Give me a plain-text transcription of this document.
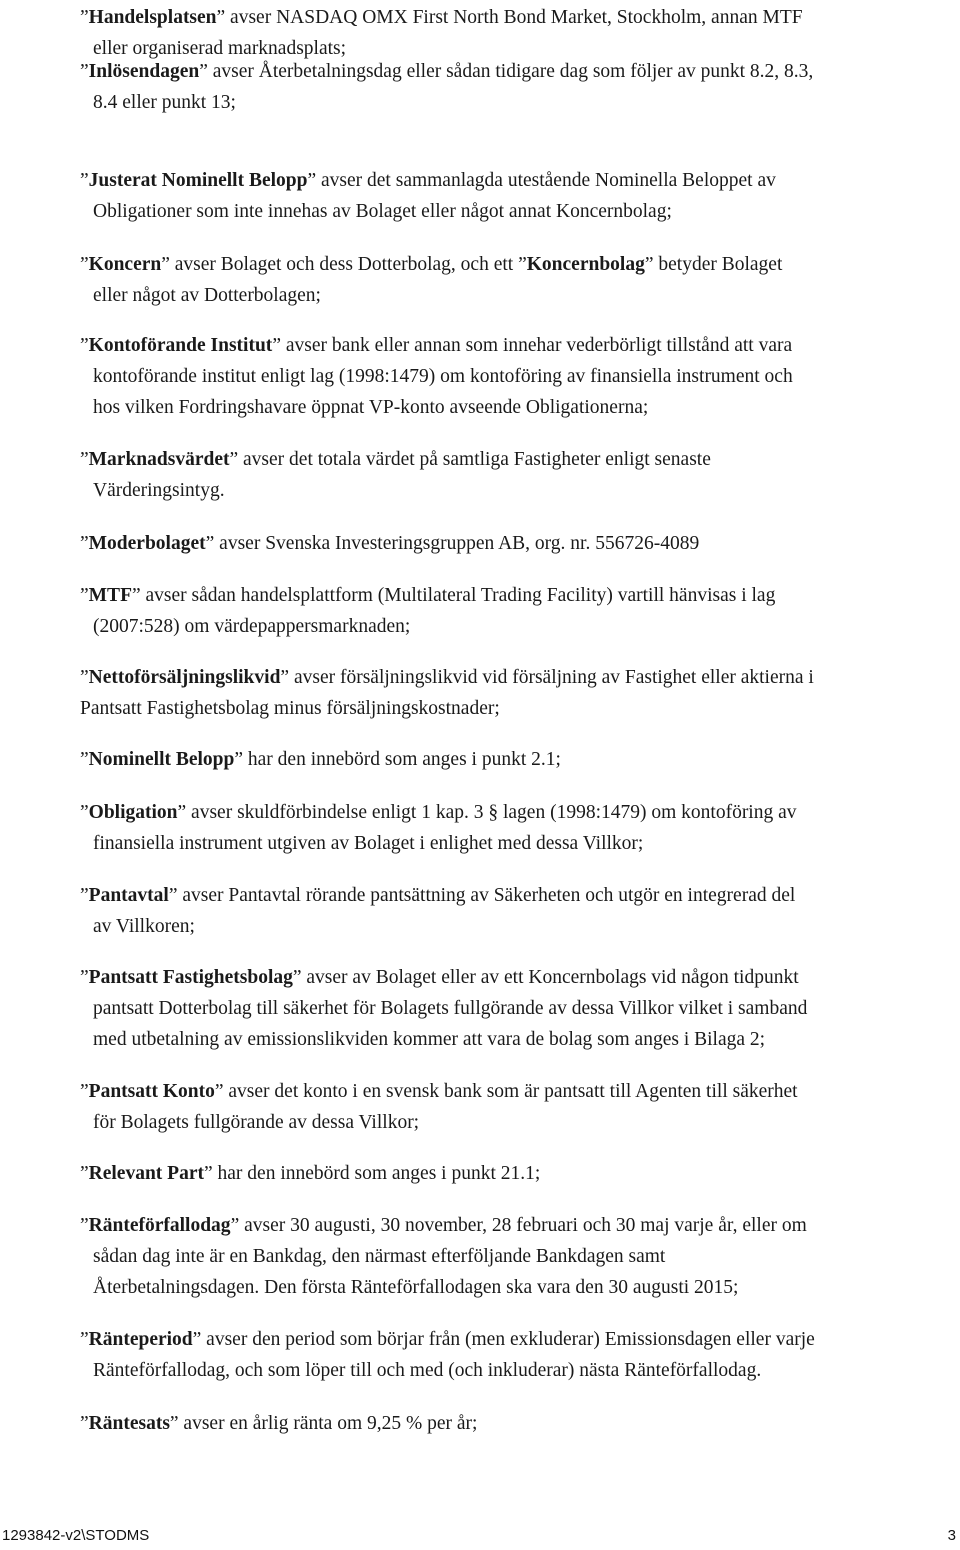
”Handelsplatsen” avser NASDAQ OMX First North Bond Market, Stockholm, annan MTF
eller organiserad marknadsplats;
”Inlösendagen” avser Återbetalningsdag eller sådan tidigare dag som följer av punkt 8.2, 8.3,
8.4 eller punkt 13;
”Justerat Nominellt Belopp” avser det sammanlagda utestående Nominella Beloppet av
Obligationer som inte innehas av Bolaget eller något annat Koncernbolag;
”Koncern” avser Bolaget och dess Dotterbolag, och ett ”Koncernbolag” betyder Bolaget
eller något av Dotterbolagen;
”Kontoförande Institut” avser bank eller annan som innehar vederbörligt tillstånd att vara
kontoförande institut enligt lag (1998:1479) om kontoföring av finansiella instrument och
hos vilken Fordringshavare öppnat VP-konto avseende Obligationerna;
”Marknadsvärdet” avser det totala värdet på samtliga Fastigheter enligt senaste
Värderingsintyg.
”Moderbolaget” avser Svenska Investeringsgruppen AB, org. nr. 556726-4089
”MTF” avser sådan handelsplattform (Multilateral Trading Facility) vartill hänvisas i lag
(2007:528) om värdepappersmarknaden;
”Nettoförsäljningslikvid” avser försäljningslikvid vid försäljning av Fastighet eller aktierna i
Pantsatt Fastighetsbolag minus försäljningskostnader;
”Nominellt Belopp” har den innebörd som anges i punkt 2.1;
”Obligation” avser skuldförbindelse enligt 1 kap. 3 § lagen (1998:1479) om kontoföring av
finansiella instrument utgiven av Bolaget i enlighet med dessa Villkor;
”Pantavtal” avser Pantavtal rörande pantsättning av Säkerheten och utgör en integrerad del
av Villkoren;
”Pantsatt Fastighetsbolag” avser av Bolaget eller av ett Koncernbolags vid någon tidpunkt
pantsatt Dotterbolag till säkerhet för Bolagets fullgörande av dessa Villkor vilket i samband
med utbetalning av emissionslikviden kommer att vara de bolag som anges i Bilaga 2;
”Pantsatt Konto” avser det konto i en svensk bank som är pantsatt till Agenten till säkerhet
för Bolagets fullgörande av dessa Villkor;
”Relevant Part” har den innebörd som anges i punkt 21.1;
”Ränteförfallodag” avser 30 augusti, 30 november, 28 februari och 30 maj varje år, eller om
sådan dag inte är en Bankdag, den närmast efterföljande Bankdagen samt
Återbetalningsdagen. Den första Ränteförfallodagen ska vara den 30 augusti 2015;
”Ränteperiod” avser den period som börjar från (men exkluderar) Emissionsdagen eller varje
Ränteförfallodag, och som löper till och med (och inkluderar) nästa Ränteförfallodag.
”Räntesats” avser en årlig ränta om 9,25 % per år;
1293842-v2\STODMS	3
